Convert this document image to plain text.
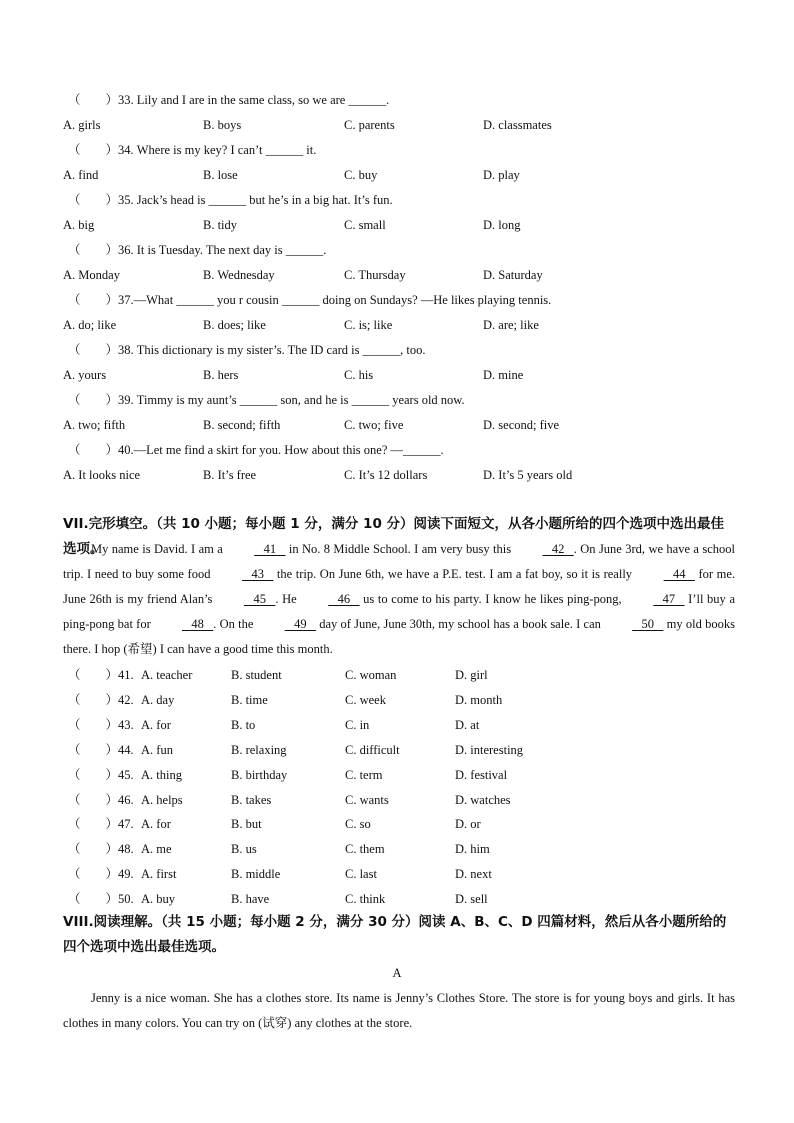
（　　）33. Lily and I are in the same class, so we are ______.
A. girls	B. boys	C. parents	D. classmates
（　　）34. Where is my key? I can’t ______ it.
A. find	B. lose	C. buy	D. play
（　　）35. Jack’s head is ______ but he’s in a big hat. It’s fun.
A. big	B. tidy	C. small	D. long
（　　）36. It is Tuesday. The next day is ______.
A. Monday	B. Wednesday	C. Thursday	D. Saturday
（　　）37.—What ______ you r cousin ______ doing on Sundays? —He likes playing tennis.
A. do; like	B. does; like	C. is; like	D. are; like
（　　）38. This dictionary is my sister’s. The ID card is ______, too.
A. yours	B. hers	C. his	D. mine
（　　）39. Timmy is my aunt’s ______ son, and he is ______ years old now.
A. two; fifth	B. second; fifth	C. two; five	D. second; five
（　　）40.—Let me find a skirt for you. How about this one? —______.
A. It looks nice	B. It’s free	C. It’s 12 dollars	D. It’s 5 years old
VII.完形填空。（共 10 小题；每小题 1 分，满分 10 分）阅读下面短文，从各小题所给的四个选项中选出最佳选项。
My name is David. I am a    41    in No. 8 Middle School. I am very busy this    42   . On June 3rd, we have a school trip. I need to buy some food    43    the trip. On June 6th, we have a P.E. test. I am a fat boy, so it is really    44    for me. June 26th is my friend Alan’s    45   . He    46    us to come to his party. I know he likes ping-pong,    47    I’ll buy a ping-pong bat for    48   . On the    49    day of June, June 30th, my school has a book sale. I can    50    my old books there. I hop (希望) I can have a good time this month.
（　　）41. A. teacher	B. student	C. woman	D. girl
（　　）42. A. day	B. time	C. week	D. month
（　　）43. A. for	B. to	C. in	D. at
（　　）44. A. fun	B. relaxing	C. difficult	D. interesting
（　　）45. A. thing	B. birthday	C. term	D. festival
（　　）46. A. helps	B. takes	C. wants	D. watches
（　　）47. A. for	B. but	C. so	D. or
（　　）48. A. me	B. us	C. them	D. him
（　　）49. A. first	B. middle	C. last	D. next
（　　）50. A. buy	B. have	C. think	D. sell
VIII.阅读理解。（共 15 小题；每小题 2 分，满分 30 分）阅读 A、B、C、D 四篇材料，然后从各小题所给的四个选项中选出最佳选项。
A
Jenny is a nice woman. She has a clothes store. Its name is Jenny’s Clothes Store. The store is for young boys and girls. It has clothes in many colors. You can try on (试穿) any clothes at the store.
